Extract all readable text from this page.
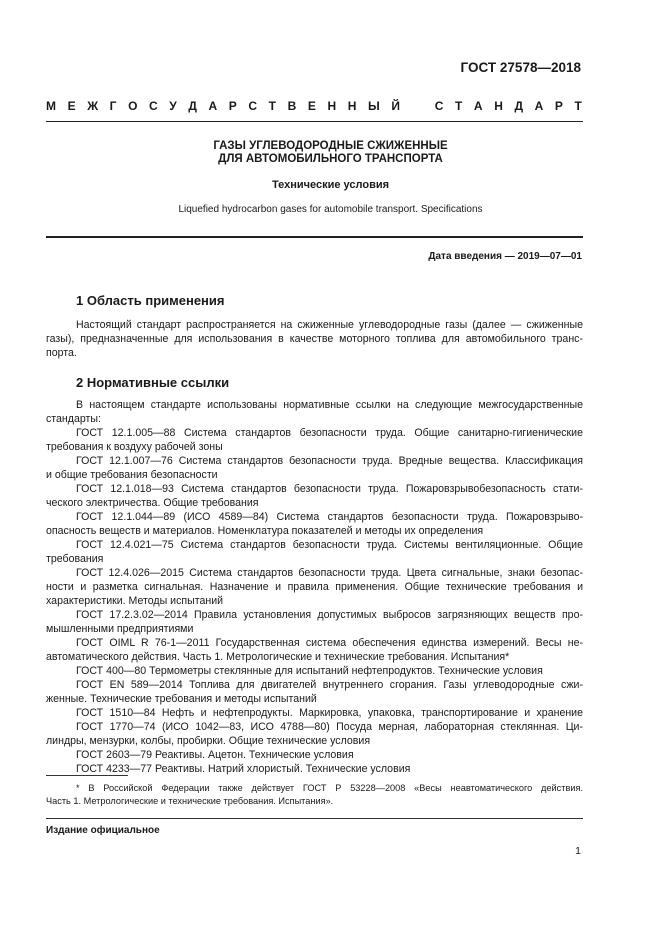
ГОСТ 27578—2018
М Е Ж Г О С У Д А Р С Т В Е Н Н Ы Й	С Т А Н Д А Р Т
ГАЗЫ УГЛЕВОДОРОДНЫЕ СЖИЖЕННЫЕ
ДЛЯ АВТОМОБИЛЬНОГО ТРАНСПОРТА
Технические условия
Liquefied hydrocarbon gases for automobile transport. Specifications
Дата введения — 2019—07—01
1 Область применения
Настоящий стандарт распространяется на сжиженные углеводородные газы (далее — сжиженные
газы), предназначенные для использования в качестве моторного топлива для автомобильного транс-
порта.
2 Нормативные ссылки
В настоящем стандарте использованы нормативные ссылки на следующие межгосударственные
стандарты:
ГОСТ 12.1.005—88 Система стандартов безопасности труда. Общие санитарно-гигиенические
требования к воздуху рабочей зоны
ГОСТ 12.1.007—76 Система стандартов безопасности труда. Вредные вещества. Классификация
и общие требования безопасности
ГОСТ 12.1.018—93 Система стандартов безопасности труда. Пожаровзрывобезопасность стати-
ческого электричества. Общие требования
ГОСТ 12.1.044—89 (ИСО 4589—84) Система стандартов безопасности труда. Пожаровзрыво-
опасность веществ и материалов. Номенклатура показателей и методы их определения
ГОСТ 12.4.021—75 Система стандартов безопасности труда. Системы вентиляционные. Общие
требования
ГОСТ 12.4.026—2015 Система стандартов безопасности труда. Цвета сигнальные, знаки безопас-
ности и разметка сигнальная. Назначение и правила применения. Общие технические требования и
характеристики. Методы испытаний
ГОСТ 17.2.3.02—2014 Правила установления допустимых выбросов загрязняющих веществ про-
мышленными предприятиями
ГОСТ OIML R 76-1—2011 Государственная система обеспечения единства измерений. Весы не-
автоматического действия. Часть 1. Метрологические и технические требования. Испытания*
ГОСТ 400—80 Термометры стеклянные для испытаний нефтепродуктов. Технические условия
ГОСТ EN 589—2014 Топлива для двигателей внутреннего сгорания. Газы углеводородные сжи-
женные. Технические требования и методы испытаний
ГОСТ 1510—84 Нефть и нефтепродукты. Маркировка, упаковка, транспортирование и хранение
ГОСТ 1770—74 (ИСО 1042—83, ИСО 4788—80) Посуда мерная, лабораторная стеклянная. Ци-
линдры, мензурки, колбы, пробирки. Общие технические условия
ГОСТ 2603—79 Реактивы. Ацетон. Технические условия
ГОСТ 4233—77 Реактивы. Натрий хлористый. Технические условия
* В Российской Федерации также действует ГОСТ Р 53228—2008 «Весы неавтоматического действия.
Часть 1. Метрологические и технические требования. Испытания».
Издание официальное
1
